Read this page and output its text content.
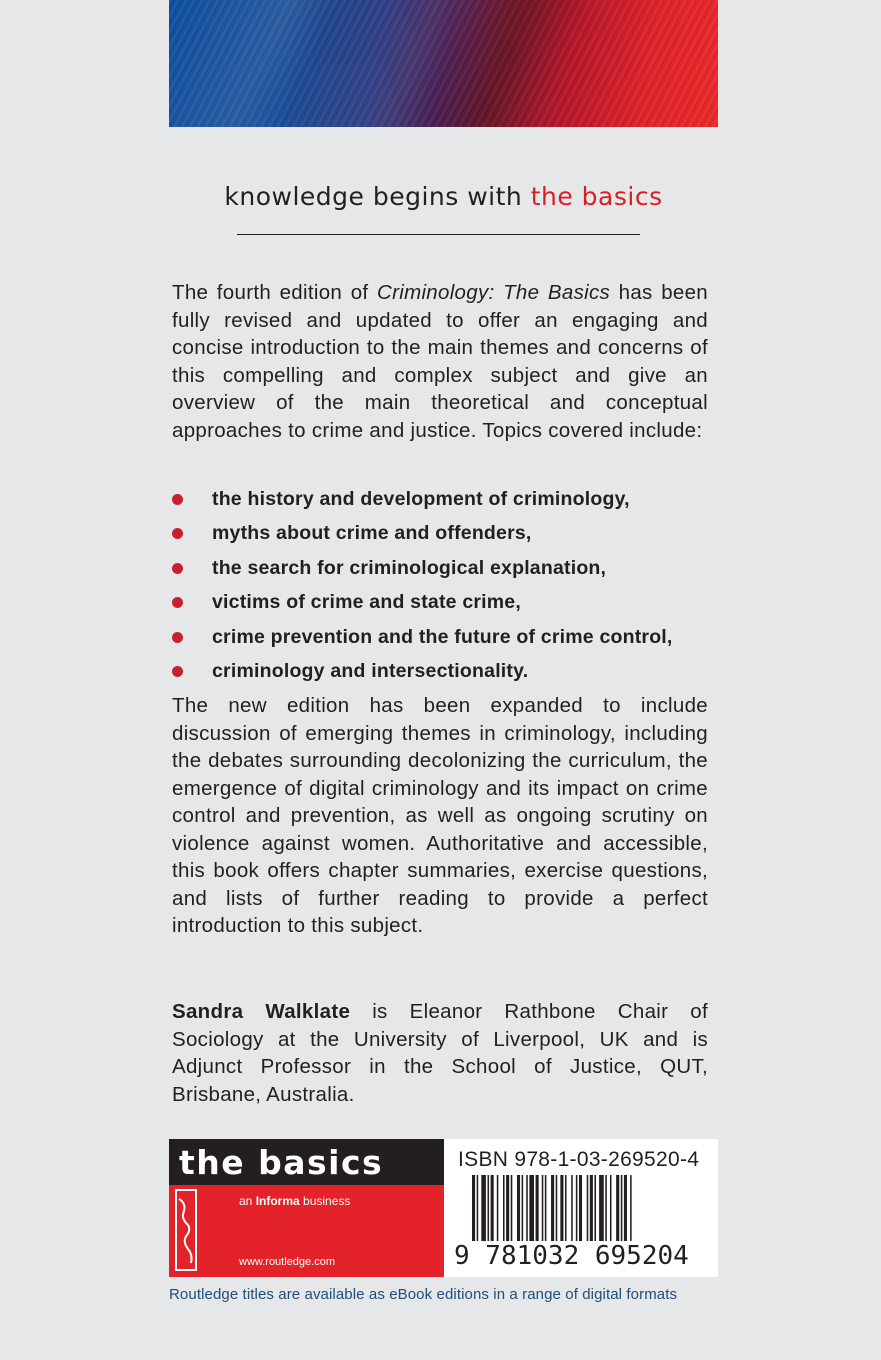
knowledge begins with the basics

The fourth edition of Criminology: The Basics has been fully revised and updated to offer an engaging and concise introduction to the main themes and concerns of this compelling and complex subject and give an overview of the main theoretical and conceptual approaches to crime and justice. Topics covered include:

the history and development of criminology,
myths about crime and offenders,
the search for criminological explanation,
victims of crime and state crime,
crime prevention and the future of crime control,
criminology and intersectionality.

The new edition has been expanded to include discussion of emerging themes in criminology, including the debates surrounding decolonizing the curriculum, the emergence of digital criminology and its impact on crime control and prevention, as well as ongoing scrutiny on violence against women. Authoritative and accessible, this book offers chapter summaries, exercise questions, and lists of further reading to provide a perfect introduction to this subject.

Sandra Walklate is Eleanor Rathbone Chair of Sociology at the University of Liverpool, UK and is Adjunct Professor in the School of Justice, QUT, Brisbane, Australia.

the basics
an Informa business
www.routledge.com
ISBN 978-1-03-269520-4
9 781032 695204
Routledge titles are available as eBook editions in a range of digital formats
